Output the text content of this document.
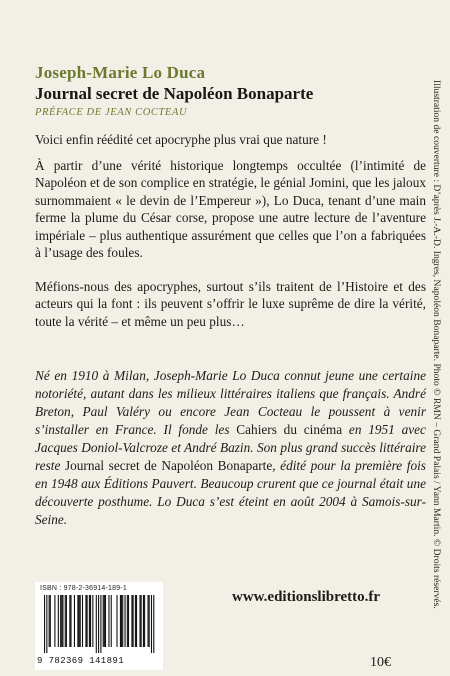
Joseph-Marie Lo Duca
Journal secret de Napoléon Bonaparte
PRÉFACE DE JEAN COCTEAU

Voici enfin réédité cet apocryphe plus vrai que nature !

À partir d’une vérité historique longtemps occultée (l’intimité de Napoléon et de son complice en stratégie, le génial Jomini, que les jaloux surnommaient « le devin de l’Empereur »), Lo Duca, tenant d’une main ferme la plume du César corse, propose une autre lecture de l’aventure impériale – plus authentique assurément que celles que l’on a fabriquées à l’usage des foules.

Méfions-nous des apocryphes, surtout s’ils traitent de l’Histoire et des acteurs qui la font : ils peuvent s’offrir le luxe suprême de dire la vérité, toute la vérité – et même un peu plus…

Né en 1910 à Milan, Joseph-Marie Lo Duca connut jeune une certaine notoriété, autant dans les milieux littéraires italiens que français. André Breton, Paul Valéry ou encore Jean Cocteau le poussent à venir s’installer en France. Il fonde les Cahiers du cinéma en 1951 avec Jacques Doniol-Valcroze et André Bazin. Son plus grand succès littéraire reste Journal secret de Napoléon Bonaparte, édité pour la première fois en 1948 aux Éditions Pauvert. Beaucoup crurent que ce journal était une découverte posthume. Lo Duca s’est éteint en août 2004 à Samois-sur-Seine.

ISBN : 978-2-36914-189-1
9 782369 141891
www.editionslibretto.fr
10€
Illustration de couverture : D’après J.-A.-D. Ingres, Napoléon Bonaparte. Photo © RMN – Grand Palais / Yann Martin. © Droits réservés.
